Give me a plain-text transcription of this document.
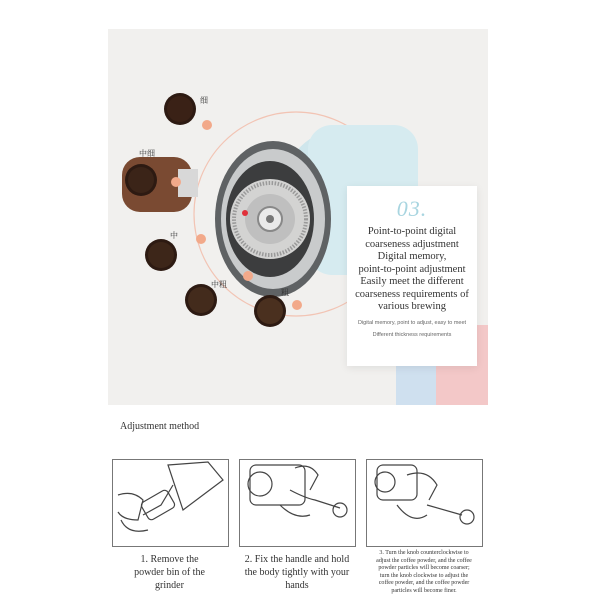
细
中细
中
中粗
粗
03.
Point-to-point digital
coarseness adjustment
Digital memory,
point-to-point adjustment
Easily meet the different
coarseness requirements of
various brewing
Digital memory, point to adjust, easy to meet
Different thickness requirements
Adjustment method
1. Remove the
powder bin of the
grinder
2. Fix the handle and hold
the body tightly with your
hands
3. Turn the knob counterclockwise to
adjust the coffee powder, and the coffee
powder particles will become coarser;
turn the knob clockwise to adjust the
coffee powder, and the coffee powder
particles will become finer.
